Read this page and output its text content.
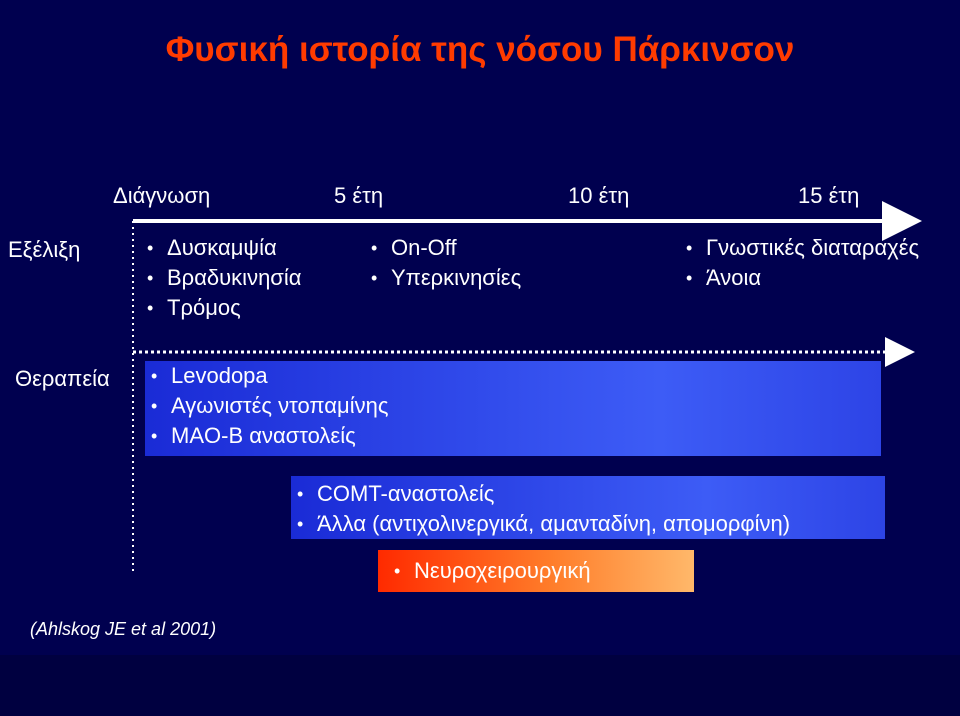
Φυσική ιστορία της νόσου Πάρκινσον
Διάγνωση	5 έτη	10 έτη	15 έτη
Εξέλιξη	• Δυσκαμψία
• Βραδυκινησία
• Τρόμος
• On-Off
• Υπερκινησίες
• Γνωστικές διαταραχές
• Άνοια
Θεραπεία	• Levodopa
• Αγωνιστές ντοπαμίνης
• MAO-B αναστολείς
• COMT-αναστολείς
• Άλλα (αντιχολινεργικά, αμανταδίνη, απομορφίνη)
• Νευροχειρουργική
(Ahlskog JE et al 2001)
